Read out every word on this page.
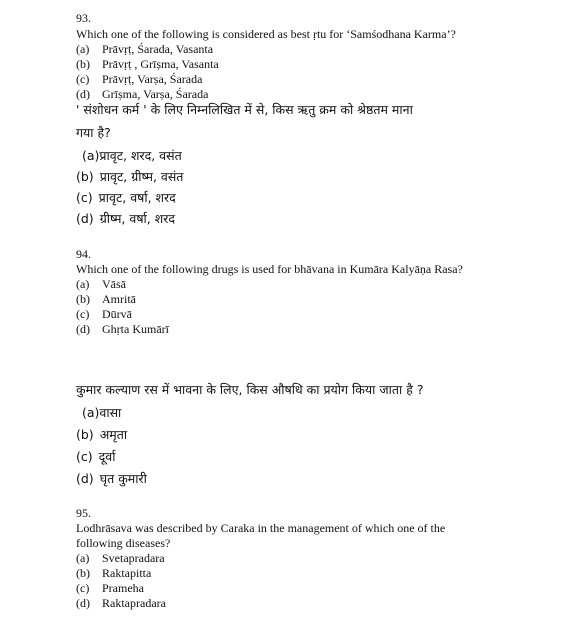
93.
Which one of the following is considered as best ṛtu for ‘Samśodhana Karma’?
(a) Prāvṛṭ, Śarada, Vasanta
(b) Prāvṛṭ , Grīṣma, Vasanta
(c) Prāvṛṭ, Varṣa, Śarada
(d) Grīṣma, Varṣa, Śarada
' संशोधन कर्म ' के लिए निम्नलिखित में से, किस ऋतु क्रम को श्रेष्ठतम माना
गया है?
(a)प्रावृट, शरद, वसंत
(b) प्रावृट, ग्रीष्म, वसंत
(c) प्रावृट, वर्षा, शरद
(d) ग्रीष्म, वर्षा, शरद
94.
Which one of the following drugs is used for bhāvana in Kumāra Kalyāṇa Rasa?
(a) Vāsā
(b) Amritā
(c) Dūrvā
(d) Ghṛta Kumārī
कुमार कल्याण रस में भावना के लिए, किस औषधि का प्रयोग किया जाता है ?
(a)वासा
(b) अमृता
(c) दूर्वा
(d) घृत कुमारी
95.
Lodhrāsava was described by Caraka in the management of which one of the
following diseases?
(a) Svetapradara
(b) Raktapitta
(c) Prameha
(d) Raktapradara
